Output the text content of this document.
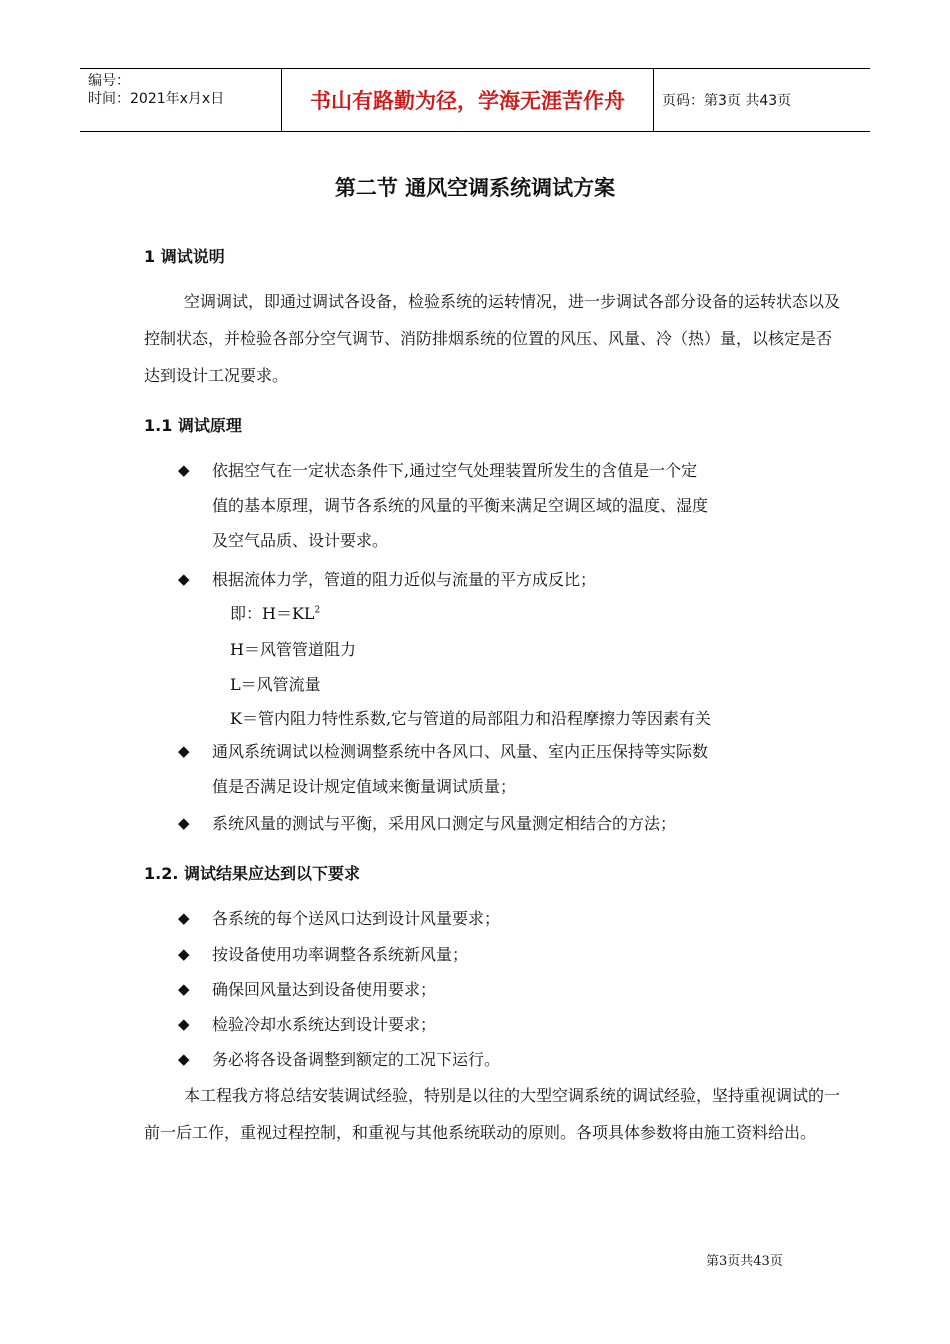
编号：
时间：2021年x月x日	书山有路勤为径，学海无涯苦作舟	页码：第3页 共43页
第二节 通风空调系统调试方案
1 调试说明

空调调试，即通过调试各设备，检验系统的运转情况，进一步调试各部分设备的运转状态以及控制状态，并检验各部分空气调节、消防排烟系统的位置的风压、风量、冷（热）量，以核定是否达到设计工况要求。

1.1 调试原理
◆ 依据空气在一定状态条件下,通过空气处理装置所发生的含值是一个定
值的基本原理，调节各系统的风量的平衡来满足空调区域的温度、湿度
及空气品质、设计要求。
◆ 根据流体力学，管道的阻力近似与流量的平方成反比；
即：$H=KL^2$
H＝风管管道阻力
L＝风管流量
K＝管内阻力特性系数,它与管道的局部阻力和沿程摩擦力等因素有关
◆ 通风系统调试以检测调整系统中各风口、风量、室内正压保持等实际数
值是否满足设计规定值域来衡量调试质量；
◆ 系统风量的测试与平衡，采用风口测定与风量测定相结合的方法；
1.2. 调试结果应达到以下要求
◆ 各系统的每个送风口达到设计风量要求；
◆ 按设备使用功率调整各系统新风量；
◆ 确保回风量达到设备使用要求；
◆ 检验冷却水系统达到设计要求；
◆ 务必将各设备调整到额定的工况下运行。

本工程我方将总结安装调试经验，特别是以往的大型空调系统的调试经验，坚持重视调试的一前一后工作，重视过程控制，和重视与其他系统联动的原则。各项具体参数将由施工资料给出。

第3页共43页
